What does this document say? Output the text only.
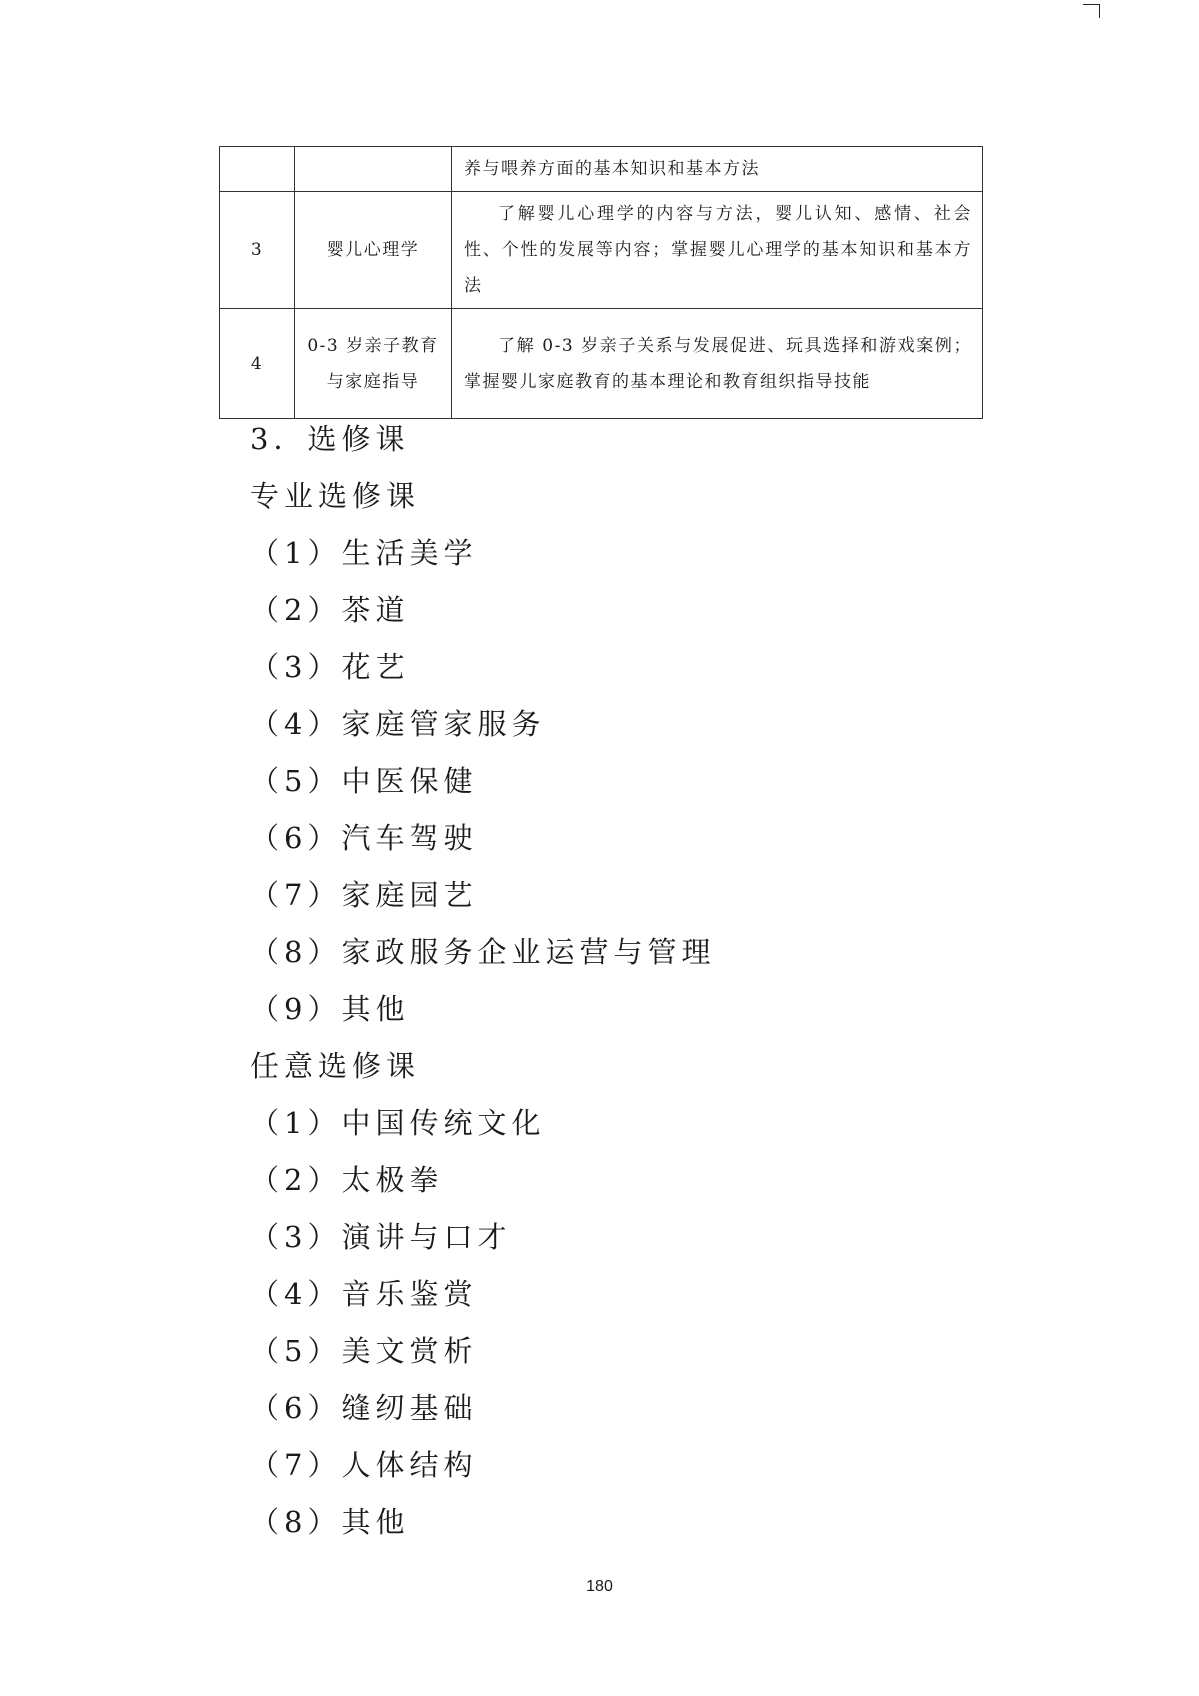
		养与喂养方面的基本知识和基本方法
3	婴儿心理学	了解婴儿心理学的内容与方法，婴儿认知、感情、社会性、个性的发展等内容；掌握婴儿心理学的基本知识和基本方法
4	0-3 岁亲子教育与家庭指导	了解 0-3 岁亲子关系与发展促进、玩具选择和游戏案例；掌握婴儿家庭教育的基本理论和教育组织指导技能
3．选修课
专业选修课
（1）生活美学
（2）茶道
（3）花艺
（4）家庭管家服务
（5）中医保健
（6）汽车驾驶
（7）家庭园艺
（8）家政服务企业运营与管理
（9）其他
任意选修课
（1）中国传统文化
（2）太极拳
（3）演讲与口才
（4）音乐鉴赏
（5）美文赏析
（6）缝纫基础
（7）人体结构
（8）其他
180
